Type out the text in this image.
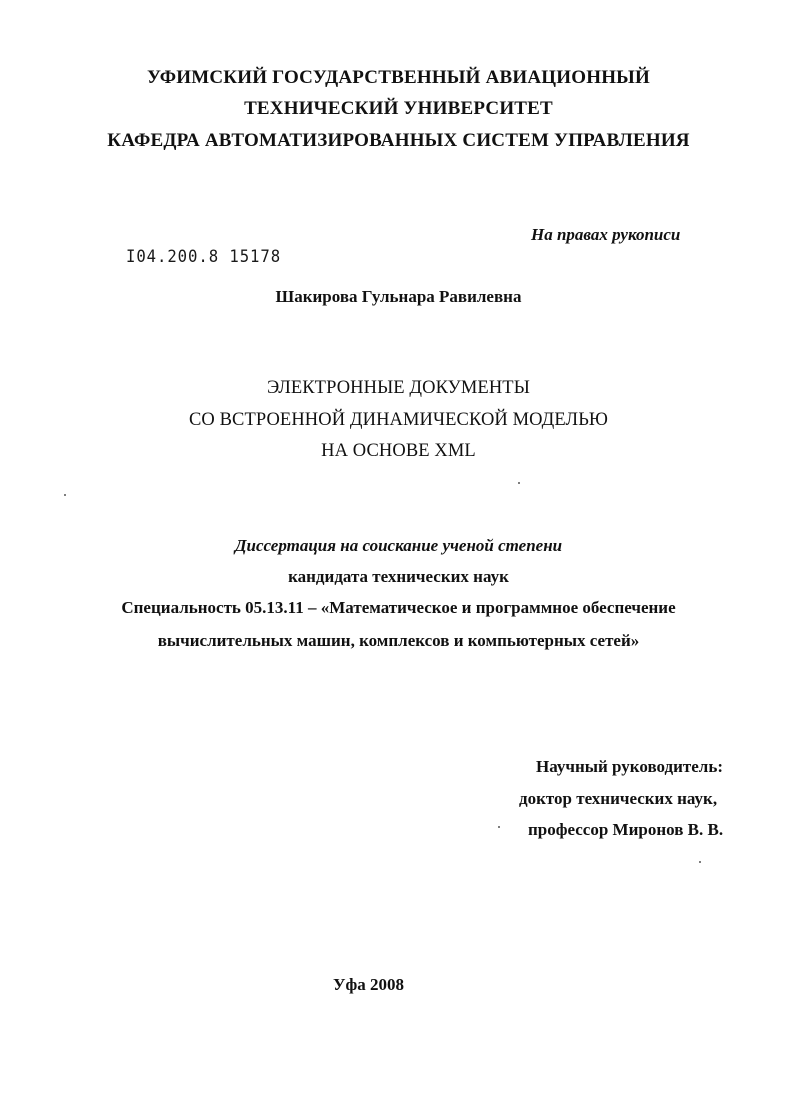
УФИМСКИЙ ГОСУДАРСТВЕННЫЙ АВИАЦИОННЫЙ
ТЕХНИЧЕСКИЙ УНИВЕРСИТЕТ
КАФЕДРА АВТОМАТИЗИРОВАННЫХ СИСТЕМ УПРАВЛЕНИЯ
На правах рукописи
I04.200.8 15178
Шакирова Гульнара Равилевна
ЭЛЕКТРОННЫЕ ДОКУМЕНТЫ
СО ВСТРОЕННОЙ ДИНАМИЧЕСКОЙ МОДЕЛЬЮ
НА ОСНОВЕ XML
Диссертация на соискание ученой степени
кандидата технических наук
Специальность 05.13.11 – «Математическое и программное обеспечение
вычислительных машин, комплексов и компьютерных сетей»
Научный руководитель:
доктор технических наук,
профессор Миронов В. В.
Уфа 2008
